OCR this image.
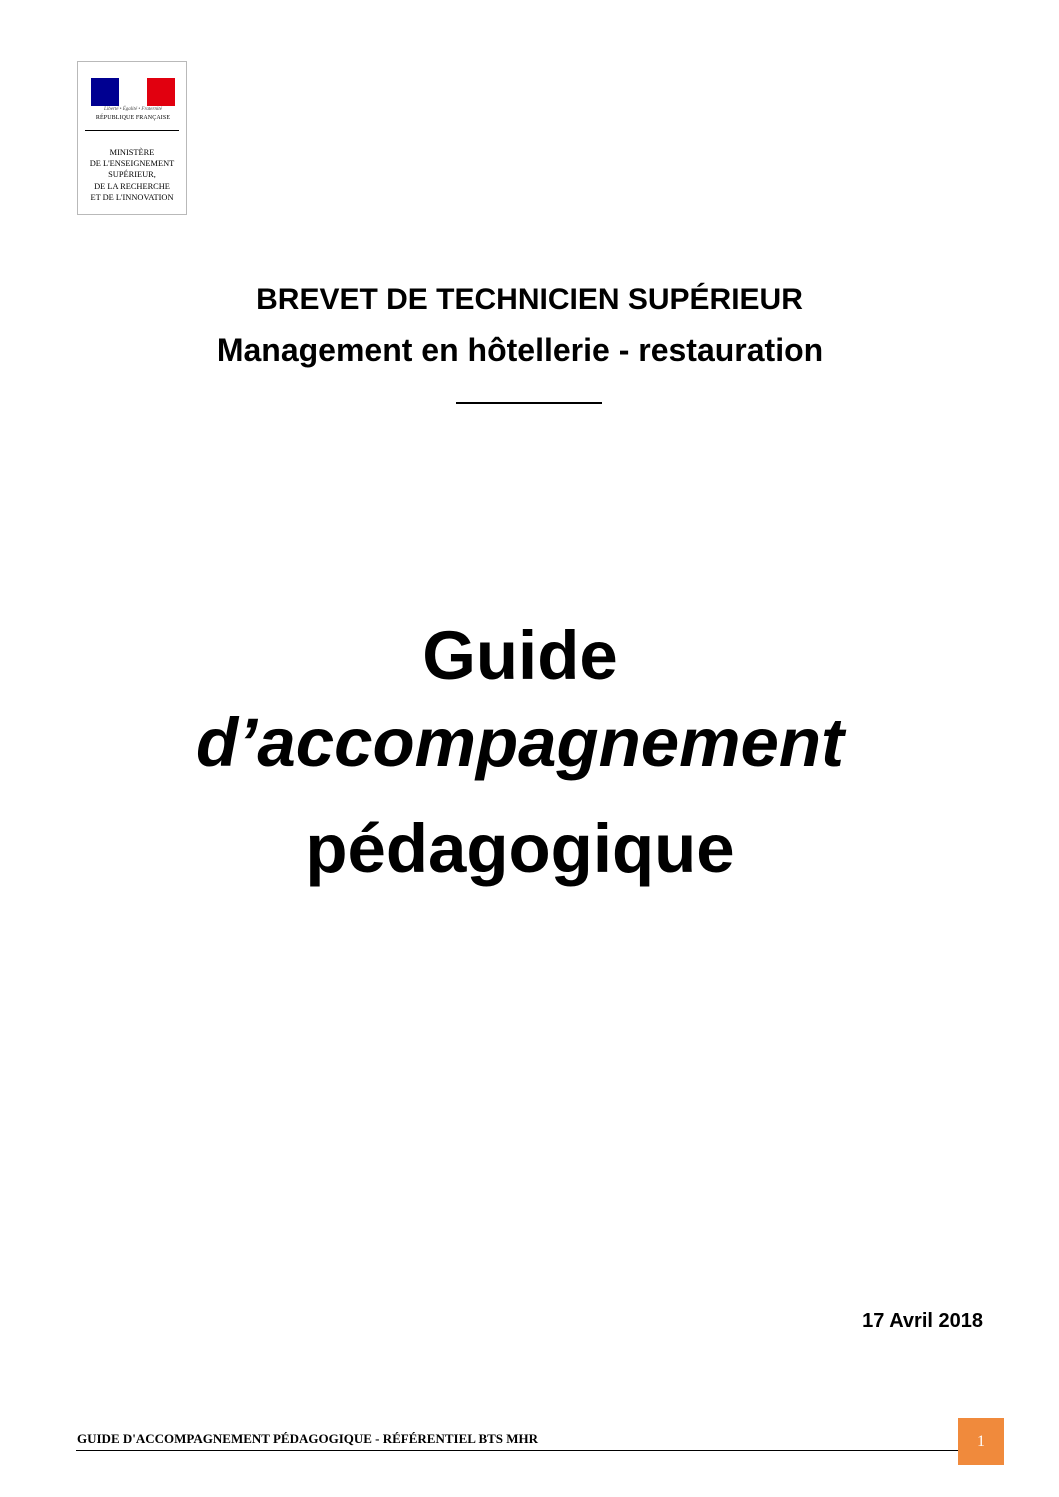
Liberté • Égalité • Fraternité
RÉPUBLIQUE FRANÇAISE
MINISTÈRE
DE L'ENSEIGNEMENT
SUPÉRIEUR,
DE LA RECHERCHE
ET DE L'INNOVATION
BREVET DE TECHNICIEN SUPÉRIEUR
Management en hôtellerie - restauration
Guide
d’accompagnement
pédagogique
17 Avril 2018
GUIDE D'ACCOMPAGNEMENT PÉDAGOGIQUE - RÉFÉRENTIEL BTS MHR	1
